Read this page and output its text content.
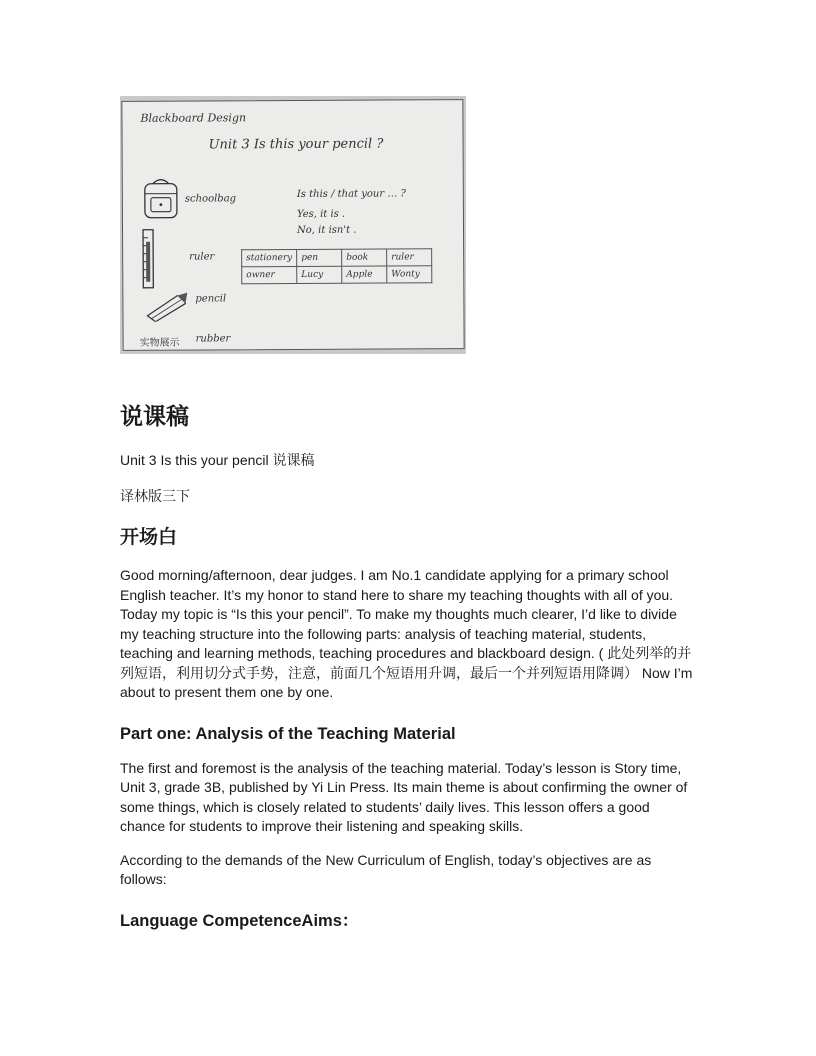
Blackboard Design
Unit 3 Is this your pencil ?
Is this / that your … ?
Yes, it is .
No, it isn't .
schoolbag
ruler
pencil
rubber
实物展示
stationery	pen	book	ruler
owner	Lucy	Apple	Wonty
说课稿

Unit 3 Is this your pencil 说课稿

译林版三下

开场白

Good morning/afternoon, dear judges. I am No.1 candidate applying for a primary school English teacher. It’s my honor to stand here to share my teaching thoughts with all of you. Today my topic is “Is this your pencil”. To make my thoughts much clearer, I’d like to divide my teaching structure into the following parts: analysis of teaching material, students, teaching and learning methods, teaching procedures and blackboard design. ( 此处列举的并列短语，利用切分式手势，注意，前面几个短语用升调，最后一个并列短语用降调） Now I’m about to present them one by one.

Part one: Analysis of the Teaching Material

The first and foremost is the analysis of the teaching material. Today’s lesson is Story time, Unit 3, grade 3B, published by Yi Lin Press. Its main theme is about confirming the owner of some things, which is closely related to students’ daily lives. This lesson offers a good chance for students to improve their listening and speaking skills.

According to the demands of the New Curriculum of English, today’s objectives are as follows:

Language CompetenceAims：
